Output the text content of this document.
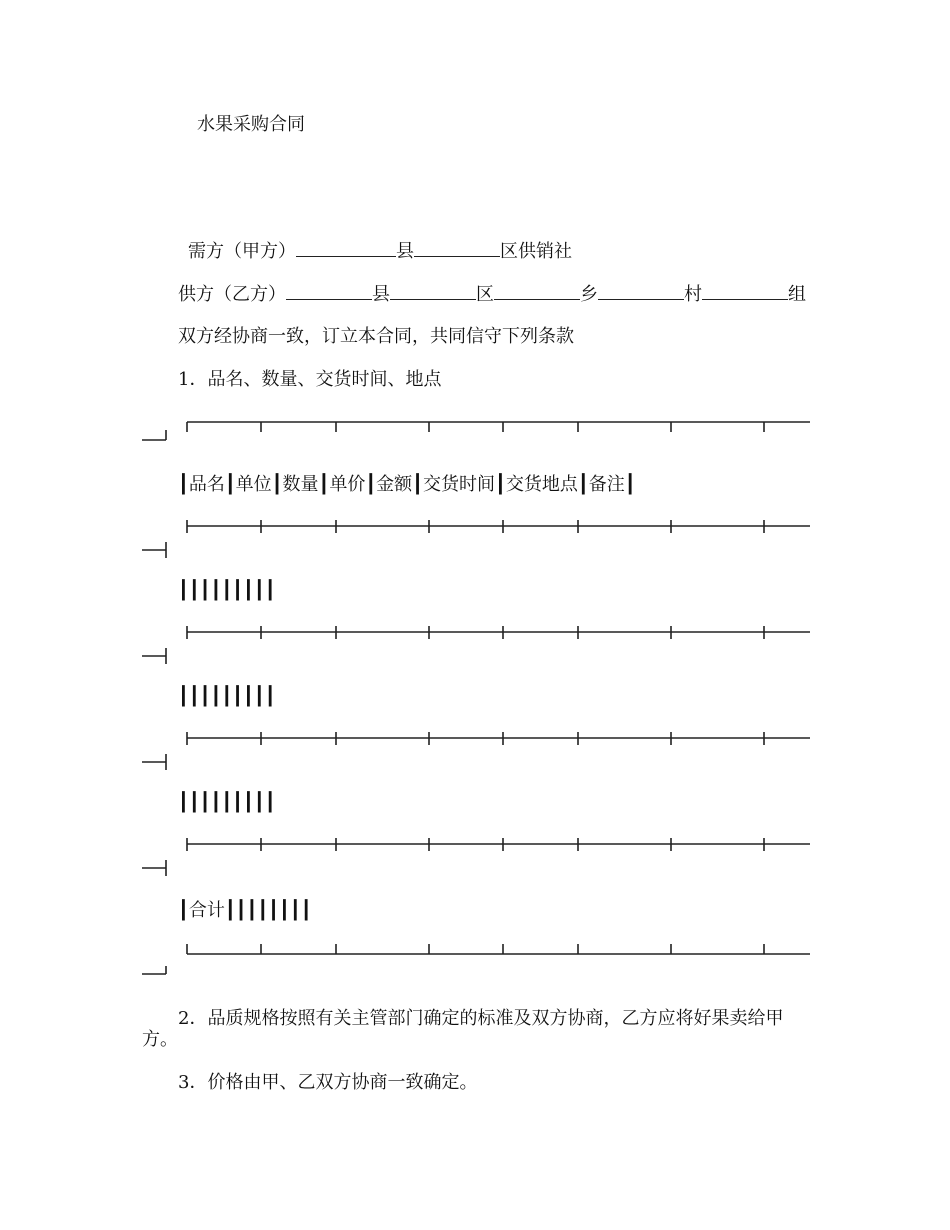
水果采购合同
需方（甲方）	县	区供销社
供方（乙方）	县	区	乡	村	组
双方经协商一致，订立本合同，共同信守下列条款
1．品名、数量、交货时间、地点
┃品名┃单位┃数量┃单价┃金额┃交货时间┃交货地点┃备注┃
┃┃┃┃┃┃┃┃┃
┃┃┃┃┃┃┃┃┃
┃┃┃┃┃┃┃┃┃
┃合计┃┃┃┃┃┃┃┃
2．品质规格按照有关主管部门确定的标准及双方协商，乙方应将好果卖给甲
方。
3．价格由甲、乙双方协商一致确定。
